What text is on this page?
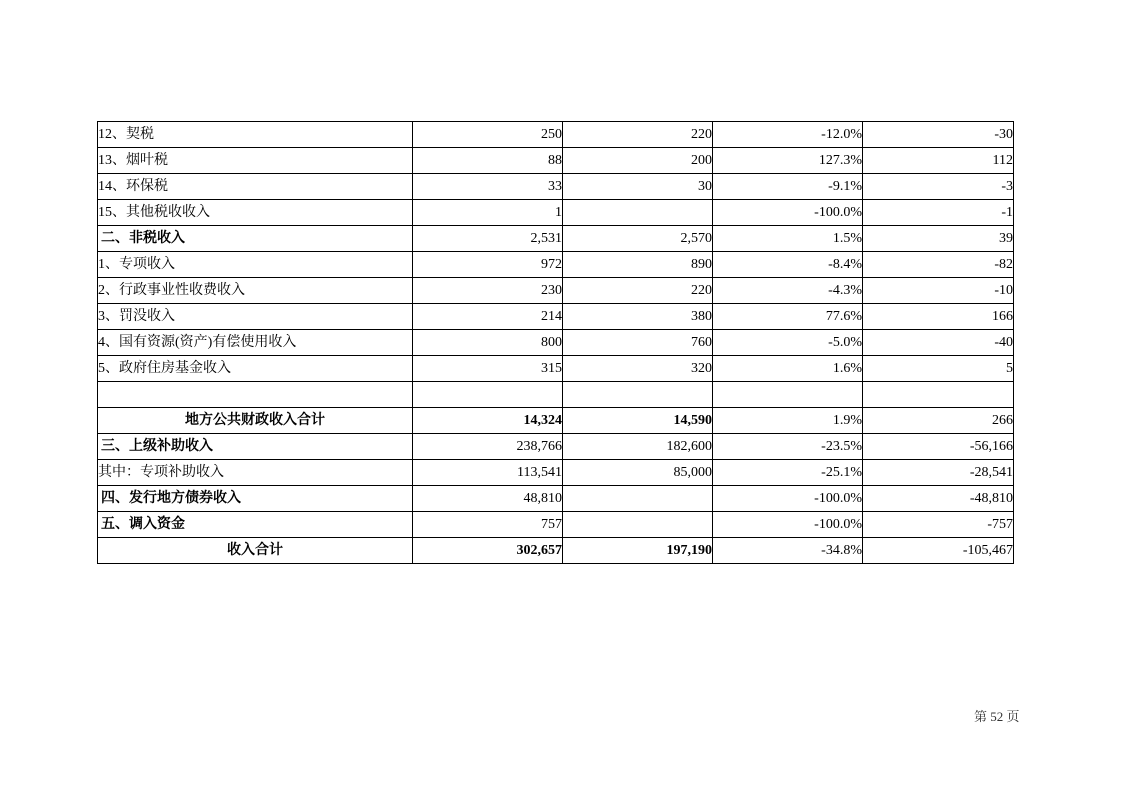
12、契税	250	220	-12.0%	-30
13、烟叶税	88	200	127.3%	112
14、环保税	33	30	-9.1%	-3
15、其他税收收入	1		-100.0%	-1
二、非税收入	2,531	2,570	1.5%	39
1、专项收入	972	890	-8.4%	-82
2、行政事业性收费收入	230	220	-4.3%	-10
3、罚没收入	214	380	77.6%	166
4、国有资源(资产)有偿使用收入	800	760	-5.0%	-40
5、政府住房基金收入	315	320	1.6%	5

地方公共财政收入合计	14,324	14,590	1.9%	266
三、上级补助收入	238,766	182,600	-23.5%	-56,166
其中：专项补助收入	113,541	85,000	-25.1%	-28,541
四、发行地方债券收入	48,810		-100.0%	-48,810
五、调入资金	757		-100.0%	-757
收入合计	302,657	197,190	-34.8%	-105,467
第 52 页
